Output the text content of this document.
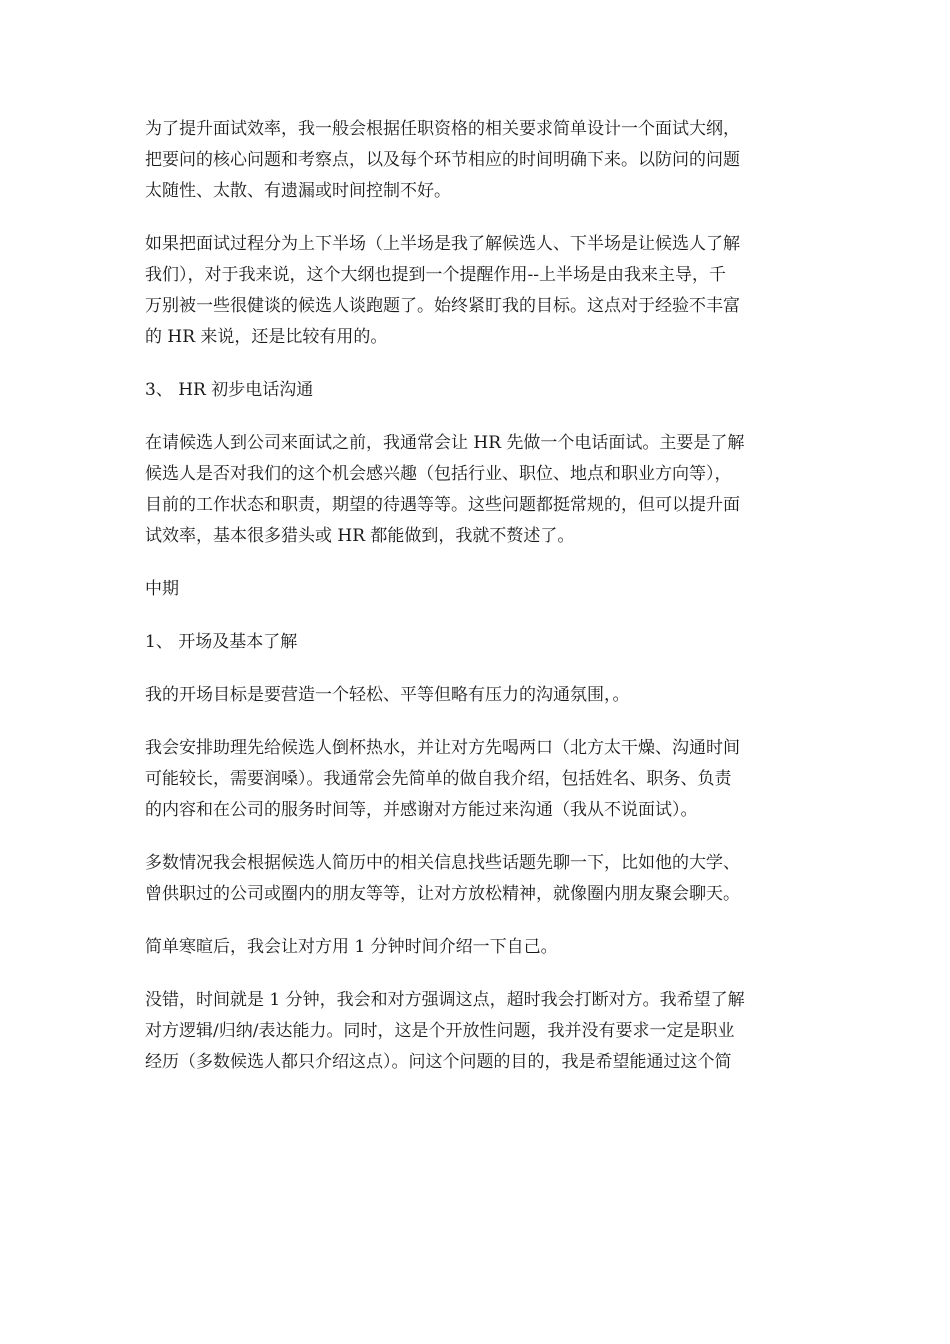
为了提升面试效率，我一般会根据任职资格的相关要求简单设计一个面试大纲，
把要问的核心问题和考察点，以及每个环节相应的时间明确下来。以防问的问题
太随性、太散、有遗漏或时间控制不好。

如果把面试过程分为上下半场（上半场是我了解候选人、下半场是让候选人了解
我们），对于我来说，这个大纲也提到一个提醒作用--上半场是由我来主导，千
万别被一些很健谈的候选人谈跑题了。始终紧盯我的目标。这点对于经验不丰富
的 HR 来说，还是比较有用的。

3、 HR 初步电话沟通

在请候选人到公司来面试之前，我通常会让 HR 先做一个电话面试。主要是了解
候选人是否对我们的这个机会感兴趣（包括行业、职位、地点和职业方向等），
目前的工作状态和职责，期望的待遇等等。这些问题都挺常规的，但可以提升面
试效率，基本很多猎头或 HR 都能做到，我就不赘述了。

中期

1、 开场及基本了解

我的开场目标是要营造一个轻松、平等但略有压力的沟通氛围，。

我会安排助理先给候选人倒杯热水，并让对方先喝两口（北方太干燥、沟通时间
可能较长，需要润嗓）。我通常会先简单的做自我介绍，包括姓名、职务、负责
的内容和在公司的服务时间等，并感谢对方能过来沟通（我从不说面试）。

多数情况我会根据候选人简历中的相关信息找些话题先聊一下，比如他的大学、
曾供职过的公司或圈内的朋友等等，让对方放松精神，就像圈内朋友聚会聊天。

简单寒暄后，我会让对方用 1 分钟时间介绍一下自己。

没错，时间就是 1 分钟，我会和对方强调这点，超时我会打断对方。我希望了解
对方逻辑/归纳/表达能力。同时，这是个开放性问题，我并没有要求一定是职业
经历（多数候选人都只介绍这点）。问这个问题的目的，我是希望能通过这个简
